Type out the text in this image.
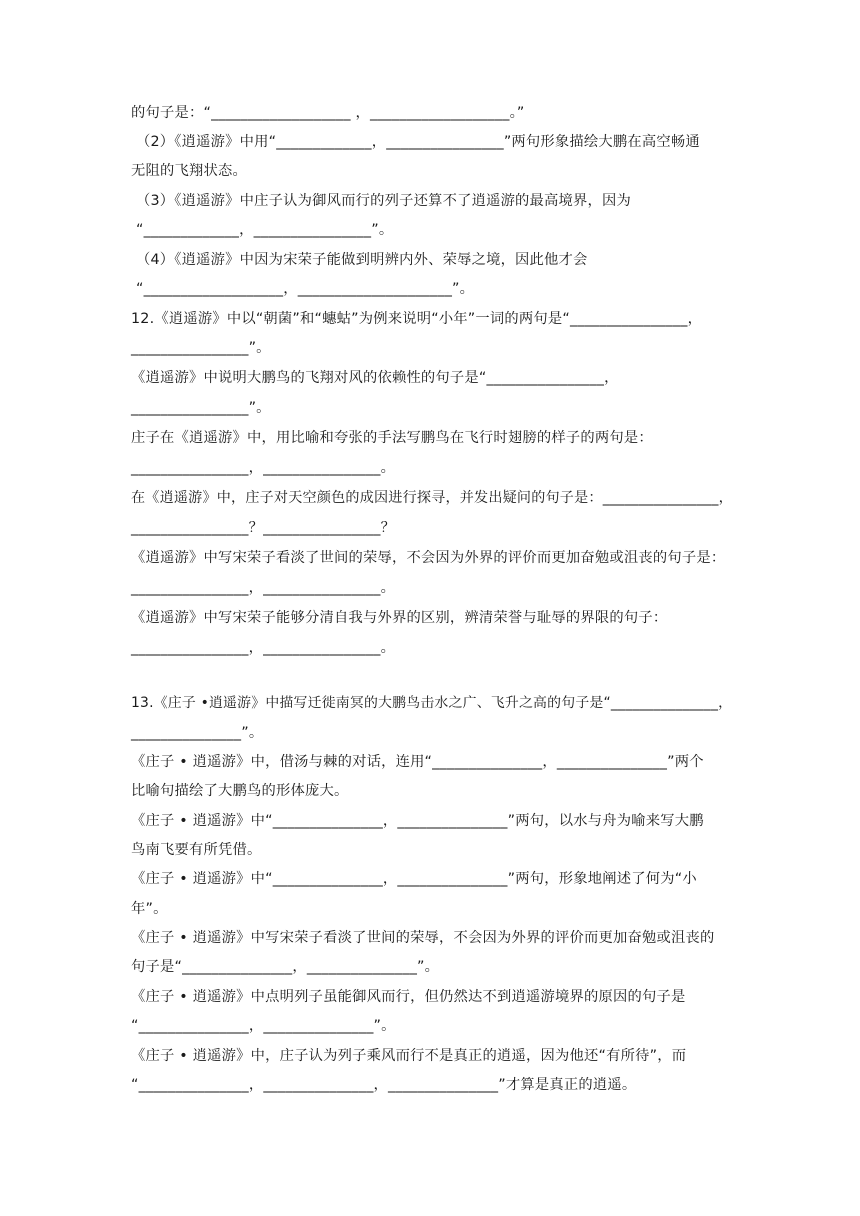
的句子是：“___________________ ，___________________。”
（2）《逍遥游》中用“_____________，________________”两句形象描绘大鹏在高空畅通
无阻的飞翔状态。
（3）《逍遥游》中庄子认为御风而行的列子还算不了逍遥游的最高境界，因为
“_____________，________________”。
（4）《逍遥游》中因为宋荣子能做到明辨内外、荣辱之境，因此他才会
“___________________，_____________________”。
12.《逍遥游》中以“朝菌”和“蟪蛄”为例来说明“小年”一词的两句是“________________，
________________”。
《逍遥游》中说明大鹏鸟的飞翔对风的依赖性的句子是“________________，
________________”。
庄子在《逍遥游》中，用比喻和夸张的手法写鹏鸟在飞行时翅膀的样子的两句是：
________________，________________。
在《逍遥游》中，庄子对天空颜色的成因进行探寻，并发出疑问的句子是：________________，
________________？________________？
《逍遥游》中写宋荣子看淡了世间的荣辱，不会因为外界的评价而更加奋勉或沮丧的句子是：
________________，________________。
《逍遥游》中写宋荣子能够分清自我与外界的区别，辨清荣誉与耻辱的界限的句子：
________________，________________。
13.《庄子 •逍遥游》中描写迁徙南冥的大鹏鸟击水之广、飞升之高的句子是“_______________，
_______________”。
《庄子 • 逍遥游》中，借汤与棘的对话，连用“_______________，_______________”两个
比喻句描绘了大鹏鸟的形体庞大。
《庄子 • 逍遥游》中“_______________，_______________”两句，以水与舟为喻来写大鹏
鸟南飞要有所凭借。
《庄子 • 逍遥游》中“_______________，_______________”两句，形象地阐述了何为“小
年”。
《庄子 • 逍遥游》中写宋荣子看淡了世间的荣辱，不会因为外界的评价而更加奋勉或沮丧的
句子是“_______________，_______________”。
《庄子 • 逍遥游》中点明列子虽能御风而行，但仍然达不到逍遥游境界的原因的句子是
“_______________，_______________”。
《庄子 • 逍遥游》中，庄子认为列子乘风而行不是真正的逍遥，因为他还“有所待”，而
“_______________，_______________，_______________”才算是真正的逍遥。
